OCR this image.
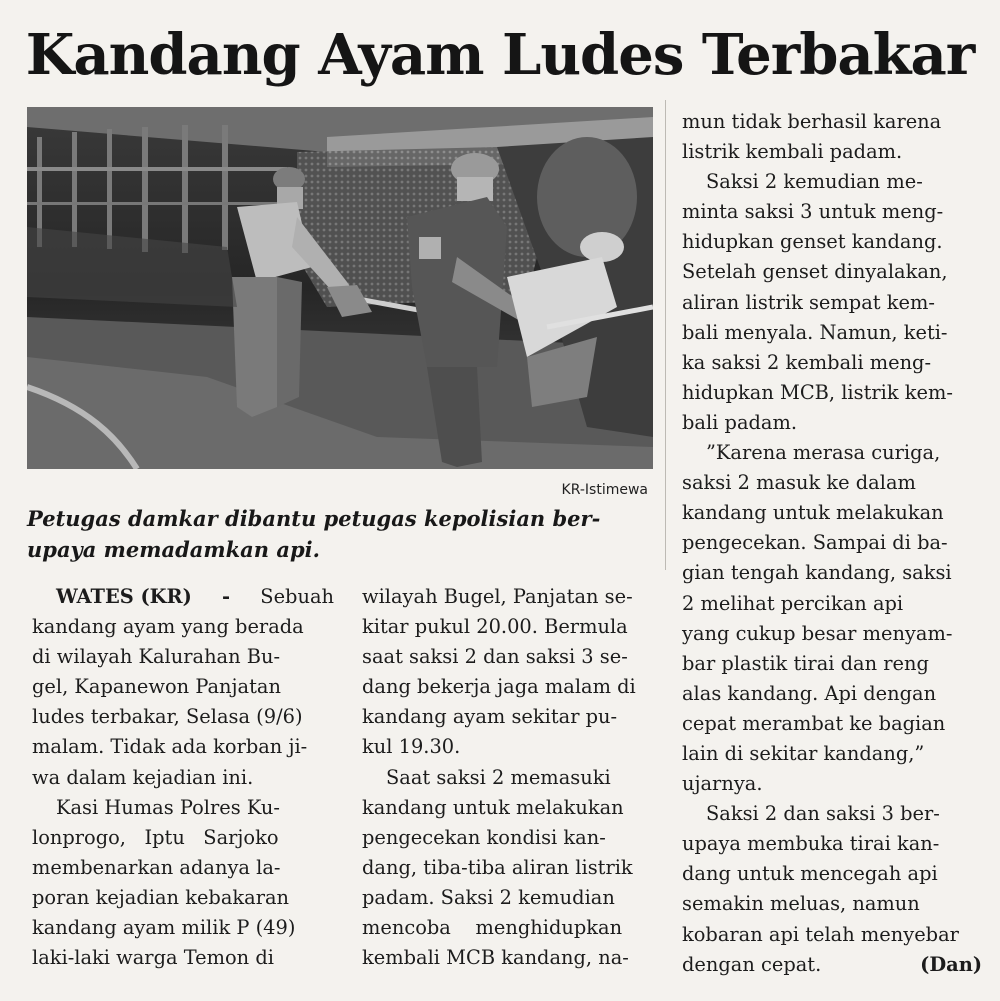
Kandang Ayam Ludes Terbakar
KR-Istimewa
Petugas damkar dibantu petugas kepolisian ber-
upaya memadamkan api.

WATES (KR) - Sebuah

kandang ayam yang berada

di wilayah Kalurahan Bu-

gel, Kapanewon Panjatan

ludes terbakar, Selasa (9/6)

malam. Tidak ada korban ji-

wa dalam kejadian ini.

Kasi Humas Polres Ku-

lonprogo,   Iptu   Sarjoko

membenarkan adanya la-

poran kejadian kebakaran

kandang ayam milik P (49)

laki-laki warga Temon di

wilayah Bugel, Panjatan se-

kitar pukul 20.00. Bermula

saat saksi 2 dan saksi 3 se-

dang bekerja jaga malam di

kandang ayam sekitar pu-

kul 19.30.

Saat saksi 2 memasuki

kandang untuk melakukan

pengecekan kondisi kan-

dang, tiba-tiba aliran listrik

padam. Saksi 2 kemudian

mencoba    menghidupkan

kembali MCB kandang, na-

mun tidak berhasil karena

listrik kembali padam.

Saksi 2 kemudian me-

minta saksi 3 untuk meng-

hidupkan genset kandang.

Setelah genset dinyalakan,

aliran listrik sempat kem-

bali menyala. Namun, keti-

ka saksi 2 kembali meng-

hidupkan MCB, listrik kem-

bali padam.

”Karena merasa curiga,

saksi 2 masuk ke dalam

kandang untuk melakukan

pengecekan. Sampai di ba-

gian tengah kandang, saksi

2 melihat percikan api

yang cukup besar menyam-

bar plastik tirai dan reng

alas kandang. Api dengan

cepat merambat ke bagian

lain di sekitar kandang,”

ujarnya.

Saksi 2 dan saksi 3 ber-

upaya membuka tirai kan-

dang untuk mencegah api

semakin meluas, namun

kobaran api telah menyebar

dengan cepat.	(Dan)
